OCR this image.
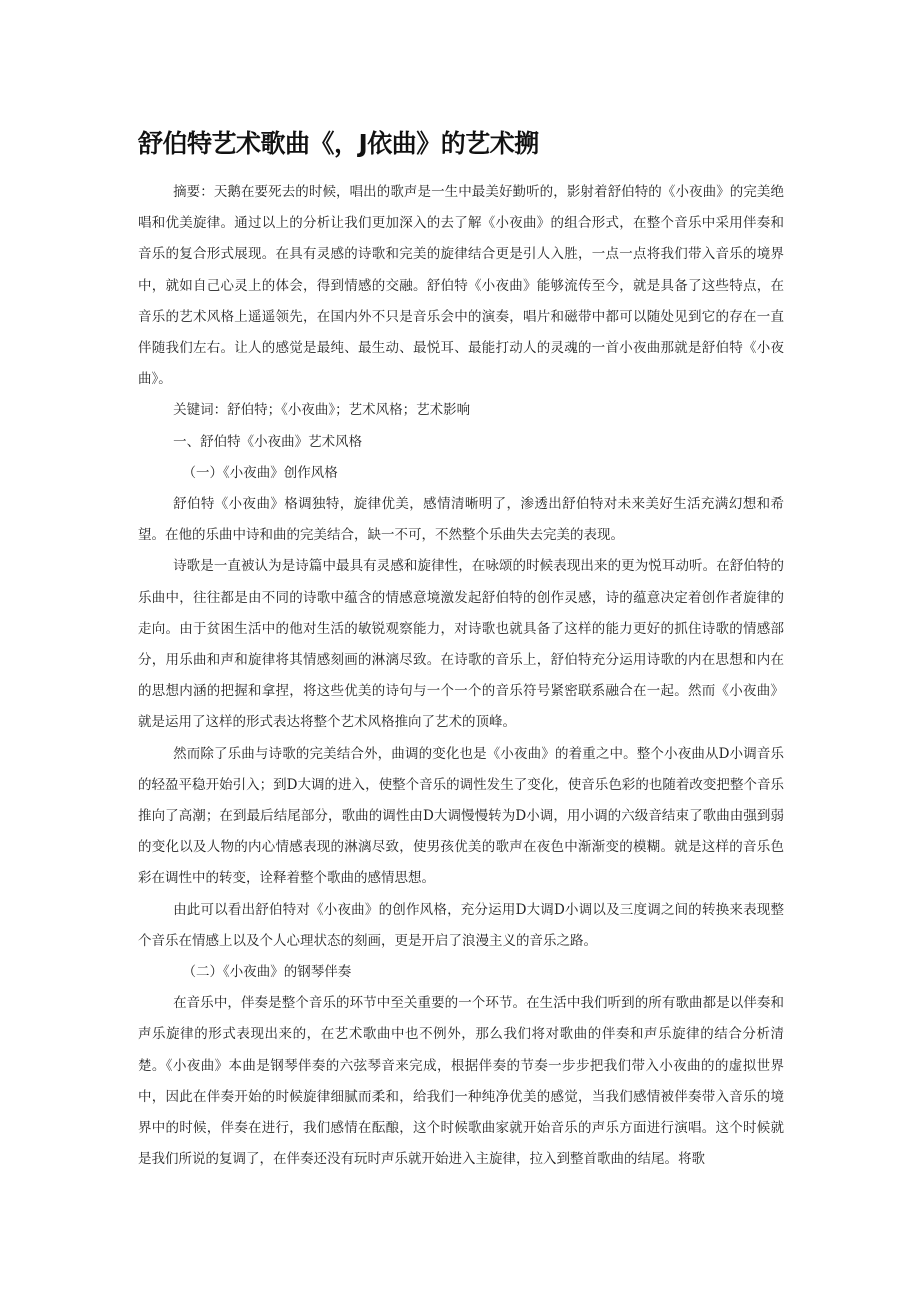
舒伯特艺术歌曲《，J依曲》的艺术搠

摘要：天鹅在要死去的时候，唱出的歌声是一生中最美好勤听的，影射着舒伯特的《小夜曲》的完美绝唱和优美旋律。通过以上的分析让我们更加深入的去了解《小夜曲》的组合形式，在整个音乐中采用伴奏和音乐的复合形式展现。在具有灵感的诗歌和完美的旋律结合更是引人入胜，一点一点将我们带入音乐的境界中，就如自己心灵上的体会，得到情感的交融。舒伯特《小夜曲》能够流传至今，就是具备了这些特点，在音乐的艺术风格上遥遥领先，在国内外不只是音乐会中的演奏，唱片和磁带中都可以随处见到它的存在一直伴随我们左右。让人的感觉是最纯、最生动、最悦耳、最能打动人的灵魂的一首小夜曲那就是舒伯特《小夜曲》。

关键词：舒伯特；《小夜曲》；艺术风格；艺术影响

一、舒伯特《小夜曲》艺术风格

（一）《小夜曲》创作风格

舒伯特《小夜曲》格调独特，旋律优美，感情清晰明了，渗透出舒伯特对未来美好生活充满幻想和希望。在他的乐曲中诗和曲的完美结合，缺一不可，不然整个乐曲失去完美的表现。

诗歌是一直被认为是诗篇中最具有灵感和旋律性，在咏颂的时候表现出来的更为悦耳动听。在舒伯特的乐曲中，往往都是由不同的诗歌中蕴含的情感意境激发起舒伯特的创作灵感，诗的蕴意决定着创作者旋律的走向。由于贫困生活中的他对生活的敏锐观察能力，对诗歌也就具备了这样的能力更好的抓住诗歌的情感部分，用乐曲和声和旋律将其情感刻画的淋漓尽致。在诗歌的音乐上，舒伯特充分运用诗歌的内在思想和内在的思想内涵的把握和拿捏，将这些优美的诗句与一个一个的音乐符号紧密联系融合在一起。然而《小夜曲》就是运用了这样的形式表达将整个艺术风格推向了艺术的顶峰。

然而除了乐曲与诗歌的完美结合外，曲调的变化也是《小夜曲》的着重之中。整个小夜曲从D小调音乐的轻盈平稳开始引入；到D大调的进入，使整个音乐的调性发生了变化，使音乐色彩的也随着改变把整个音乐推向了高潮；在到最后结尾部分，歌曲的调性由D大调慢慢转为D小调，用小调的六级音结束了歌曲由强到弱的变化以及人物的内心情感表现的淋漓尽致，使男孩优美的歌声在夜色中渐渐变的模糊。就是这样的音乐色彩在调性中的转变，诠释着整个歌曲的感情思想。

由此可以看出舒伯特对《小夜曲》的创作风格，充分运用D大调D小调以及三度调之间的转换来表现整个音乐在情感上以及个人心理状态的刻画，更是开启了浪漫主义的音乐之路。

（二）《小夜曲》的钢琴伴奏

在音乐中，伴奏是整个音乐的环节中至关重要的一个环节。在生活中我们听到的所有歌曲都是以伴奏和声乐旋律的形式表现出来的，在艺术歌曲中也不例外，那么我们将对歌曲的伴奏和声乐旋律的结合分析清楚。《小夜曲》本曲是钢琴伴奏的六弦琴音来完成，根据伴奏的节奏一步步把我们带入小夜曲的的虚拟世界中，因此在伴奏开始的时候旋律细腻而柔和，给我们一种纯净优美的感觉，当我们感情被伴奏带入音乐的境界中的时候，伴奏在进行，我们感情在酝酿，这个时候歌曲家就开始音乐的声乐方面进行演唱。这个时候就是我们所说的复调了，在伴奏还没有玩时声乐就开始进入主旋律，拉入到整首歌曲的结尾。将歌
